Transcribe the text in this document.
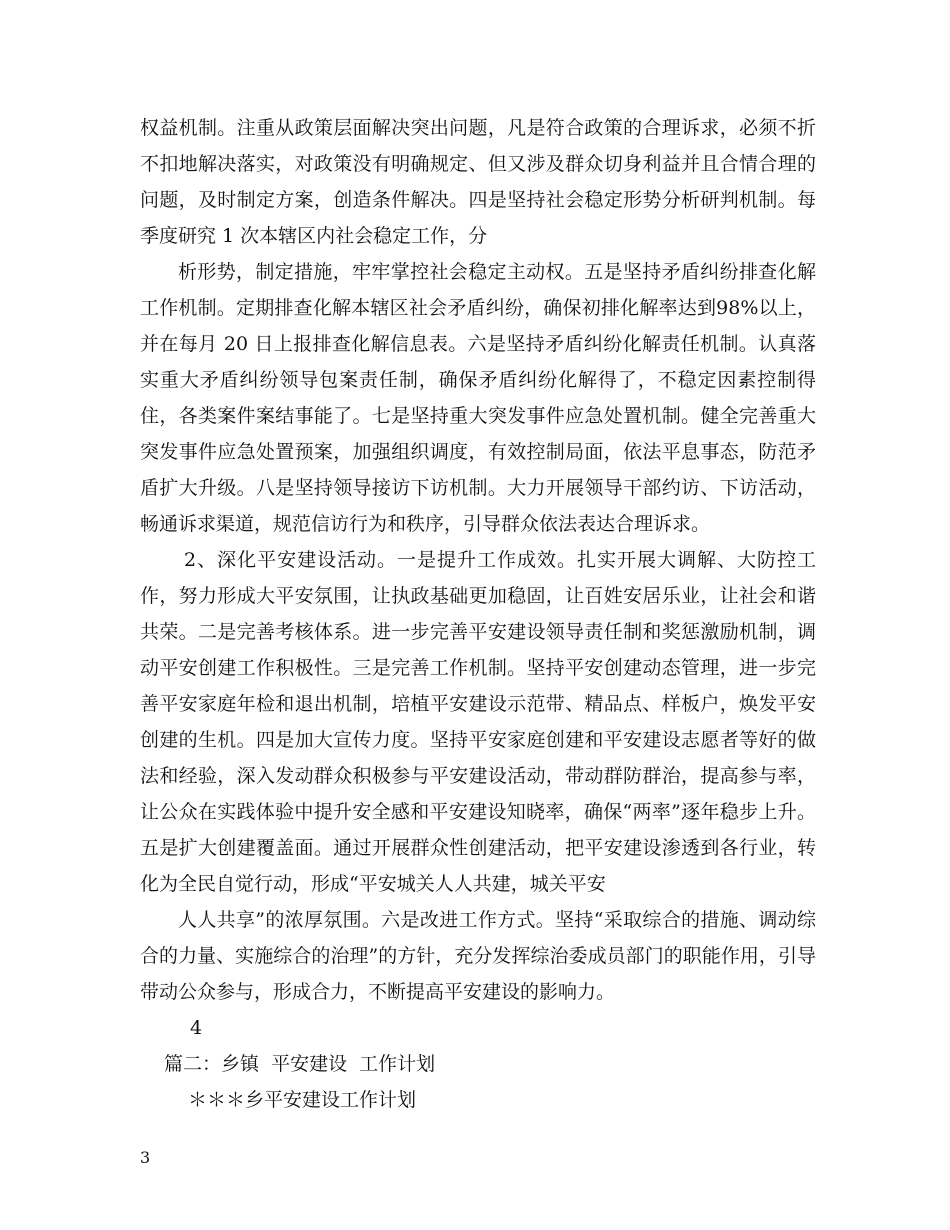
权益机制。注重从政策层面解决突出问题，凡是符合政策的合理诉求，必须不折不扣地解决落实，对政策没有明确规定、但又涉及群众切身利益并且合情合理的问题，及时制定方案，创造条件解决。四是坚持社会稳定形势分析研判机制。每季度研究 1 次本辖区内社会稳定工作，分

析形势，制定措施，牢牢掌控社会稳定主动权。五是坚持矛盾纠纷排查化解工作机制。定期排查化解本辖区社会矛盾纠纷，确保初排化解率达到98%以上，并在每月 20 日上报排查化解信息表。六是坚持矛盾纠纷化解责任机制。认真落实重大矛盾纠纷领导包案责任制，确保矛盾纠纷化解得了，不稳定因素控制得住，各类案件案结事能了。七是坚持重大突发事件应急处置机制。健全完善重大突发事件应急处置预案，加强组织调度，有效控制局面，依法平息事态，防范矛盾扩大升级。八是坚持领导接访下访机制。大力开展领导干部约访、下访活动，畅通诉求渠道，规范信访行为和秩序，引导群众依法表达合理诉求。

2、深化平安建设活动。一是提升工作成效。扎实开展大调解、大防控工作，努力形成大平安氛围，让执政基础更加稳固，让百姓安居乐业，让社会和谐共荣。二是完善考核体系。进一步完善平安建设领导责任制和奖惩激励机制，调动平安创建工作积极性。三是完善工作机制。坚持平安创建动态管理，进一步完善平安家庭年检和退出机制，培植平安建设示范带、精品点、样板户，焕发平安创建的生机。四是加大宣传力度。坚持平安家庭创建和平安建设志愿者等好的做法和经验，深入发动群众积极参与平安建设活动，带动群防群治，提高参与率，让公众在实践体验中提升安全感和平安建设知晓率，确保“两率”逐年稳步上升。五是扩大创建覆盖面。通过开展群众性创建活动，把平安建设渗透到各行业，转化为全民自觉行动，形成“平安城关人人共建，城关平安

人人共享”的浓厚氛围。六是改进工作方式。坚持“采取综合的措施、调动综合的力量、实施综合的治理”的方针，充分发挥综治委成员部门的职能作用，引导带动公众参与，形成合力，不断提高平安建设的影响力。

4

篇二：乡镇  平安建设  工作计划

＊＊＊乡平安建设工作计划

3
